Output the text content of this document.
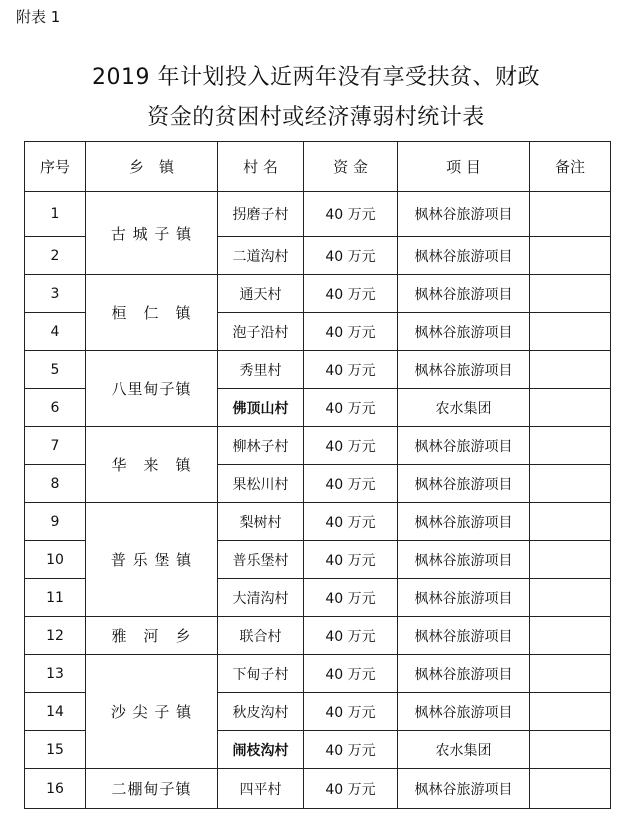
附表 1
2019 年计划投入近两年没有享受扶贫、财政
资金的贫困村或经济薄弱村统计表
序号	乡　镇	村 名	资 金	项 目	备注
1	古 城 子 镇	拐磨子村	40 万元	枫林谷旅游项目	
2		二道沟村	40 万元	枫林谷旅游项目	
3	桓　仁　镇	通天村	40 万元	枫林谷旅游项目	
4		泡子沿村	40 万元	枫林谷旅游项目	
5	八里甸子镇	秀里村	40 万元	枫林谷旅游项目	
6		佛顶山村	40 万元	农水集团	
7	华　来　镇	柳林子村	40 万元	枫林谷旅游项目	
8		果松川村	40 万元	枫林谷旅游项目	
9	普 乐 堡 镇	梨树村	40 万元	枫林谷旅游项目	
10		普乐堡村	40 万元	枫林谷旅游项目	
11		大清沟村	40 万元	枫林谷旅游项目	
12	雅　河　乡	联合村	40 万元	枫林谷旅游项目	
13	沙 尖 子 镇	下甸子村	40 万元	枫林谷旅游项目	
14		秋皮沟村	40 万元	枫林谷旅游项目	
15		闹枝沟村	40 万元	农水集团	
16	二棚甸子镇	四平村	40 万元	枫林谷旅游项目	
